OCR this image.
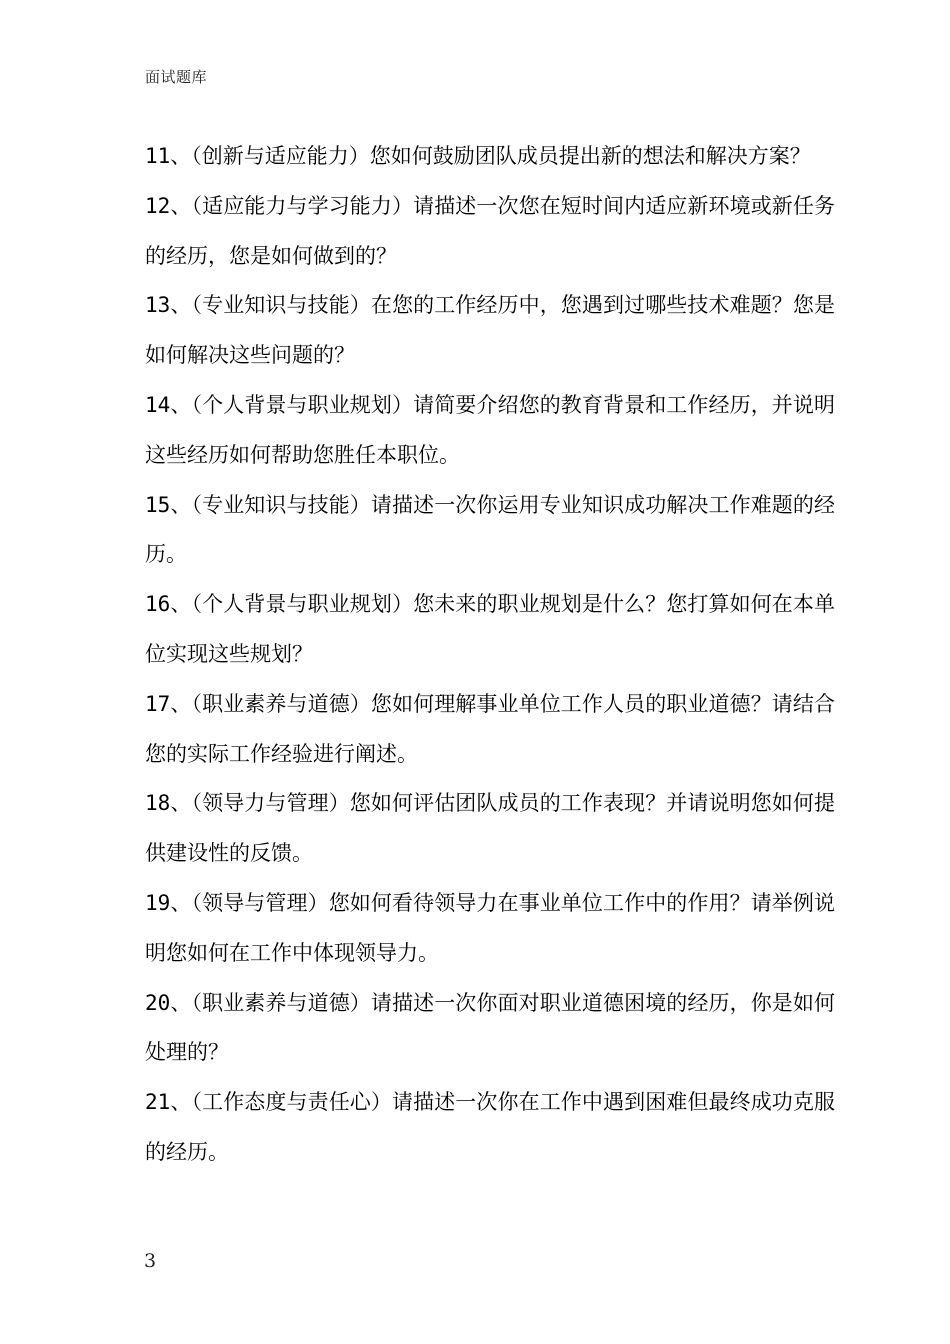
面试题库
11、（创新与适应能力）您如何鼓励团队成员提出新的想法和解决方案？
12、（适应能力与学习能力）请描述一次您在短时间内适应新环境或新任务的经历，您是如何做到的？
13、（专业知识与技能）在您的工作经历中，您遇到过哪些技术难题？您是如何解决这些问题的？
14、（个人背景与职业规划）请简要介绍您的教育背景和工作经历，并说明这些经历如何帮助您胜任本职位。
15、（专业知识与技能）请描述一次你运用专业知识成功解决工作难题的经历。
16、（个人背景与职业规划）您未来的职业规划是什么？您打算如何在本单位实现这些规划？
17、（职业素养与道德）您如何理解事业单位工作人员的职业道德？请结合您的实际工作经验进行阐述。
18、（领导力与管理）您如何评估团队成员的工作表现？并请说明您如何提供建设性的反馈。
19、（领导与管理）您如何看待领导力在事业单位工作中的作用？请举例说明您如何在工作中体现领导力。
20、（职业素养与道德）请描述一次你面对职业道德困境的经历，你是如何处理的？
21、（工作态度与责任心）请描述一次你在工作中遇到困难但最终成功克服的经历。
3
